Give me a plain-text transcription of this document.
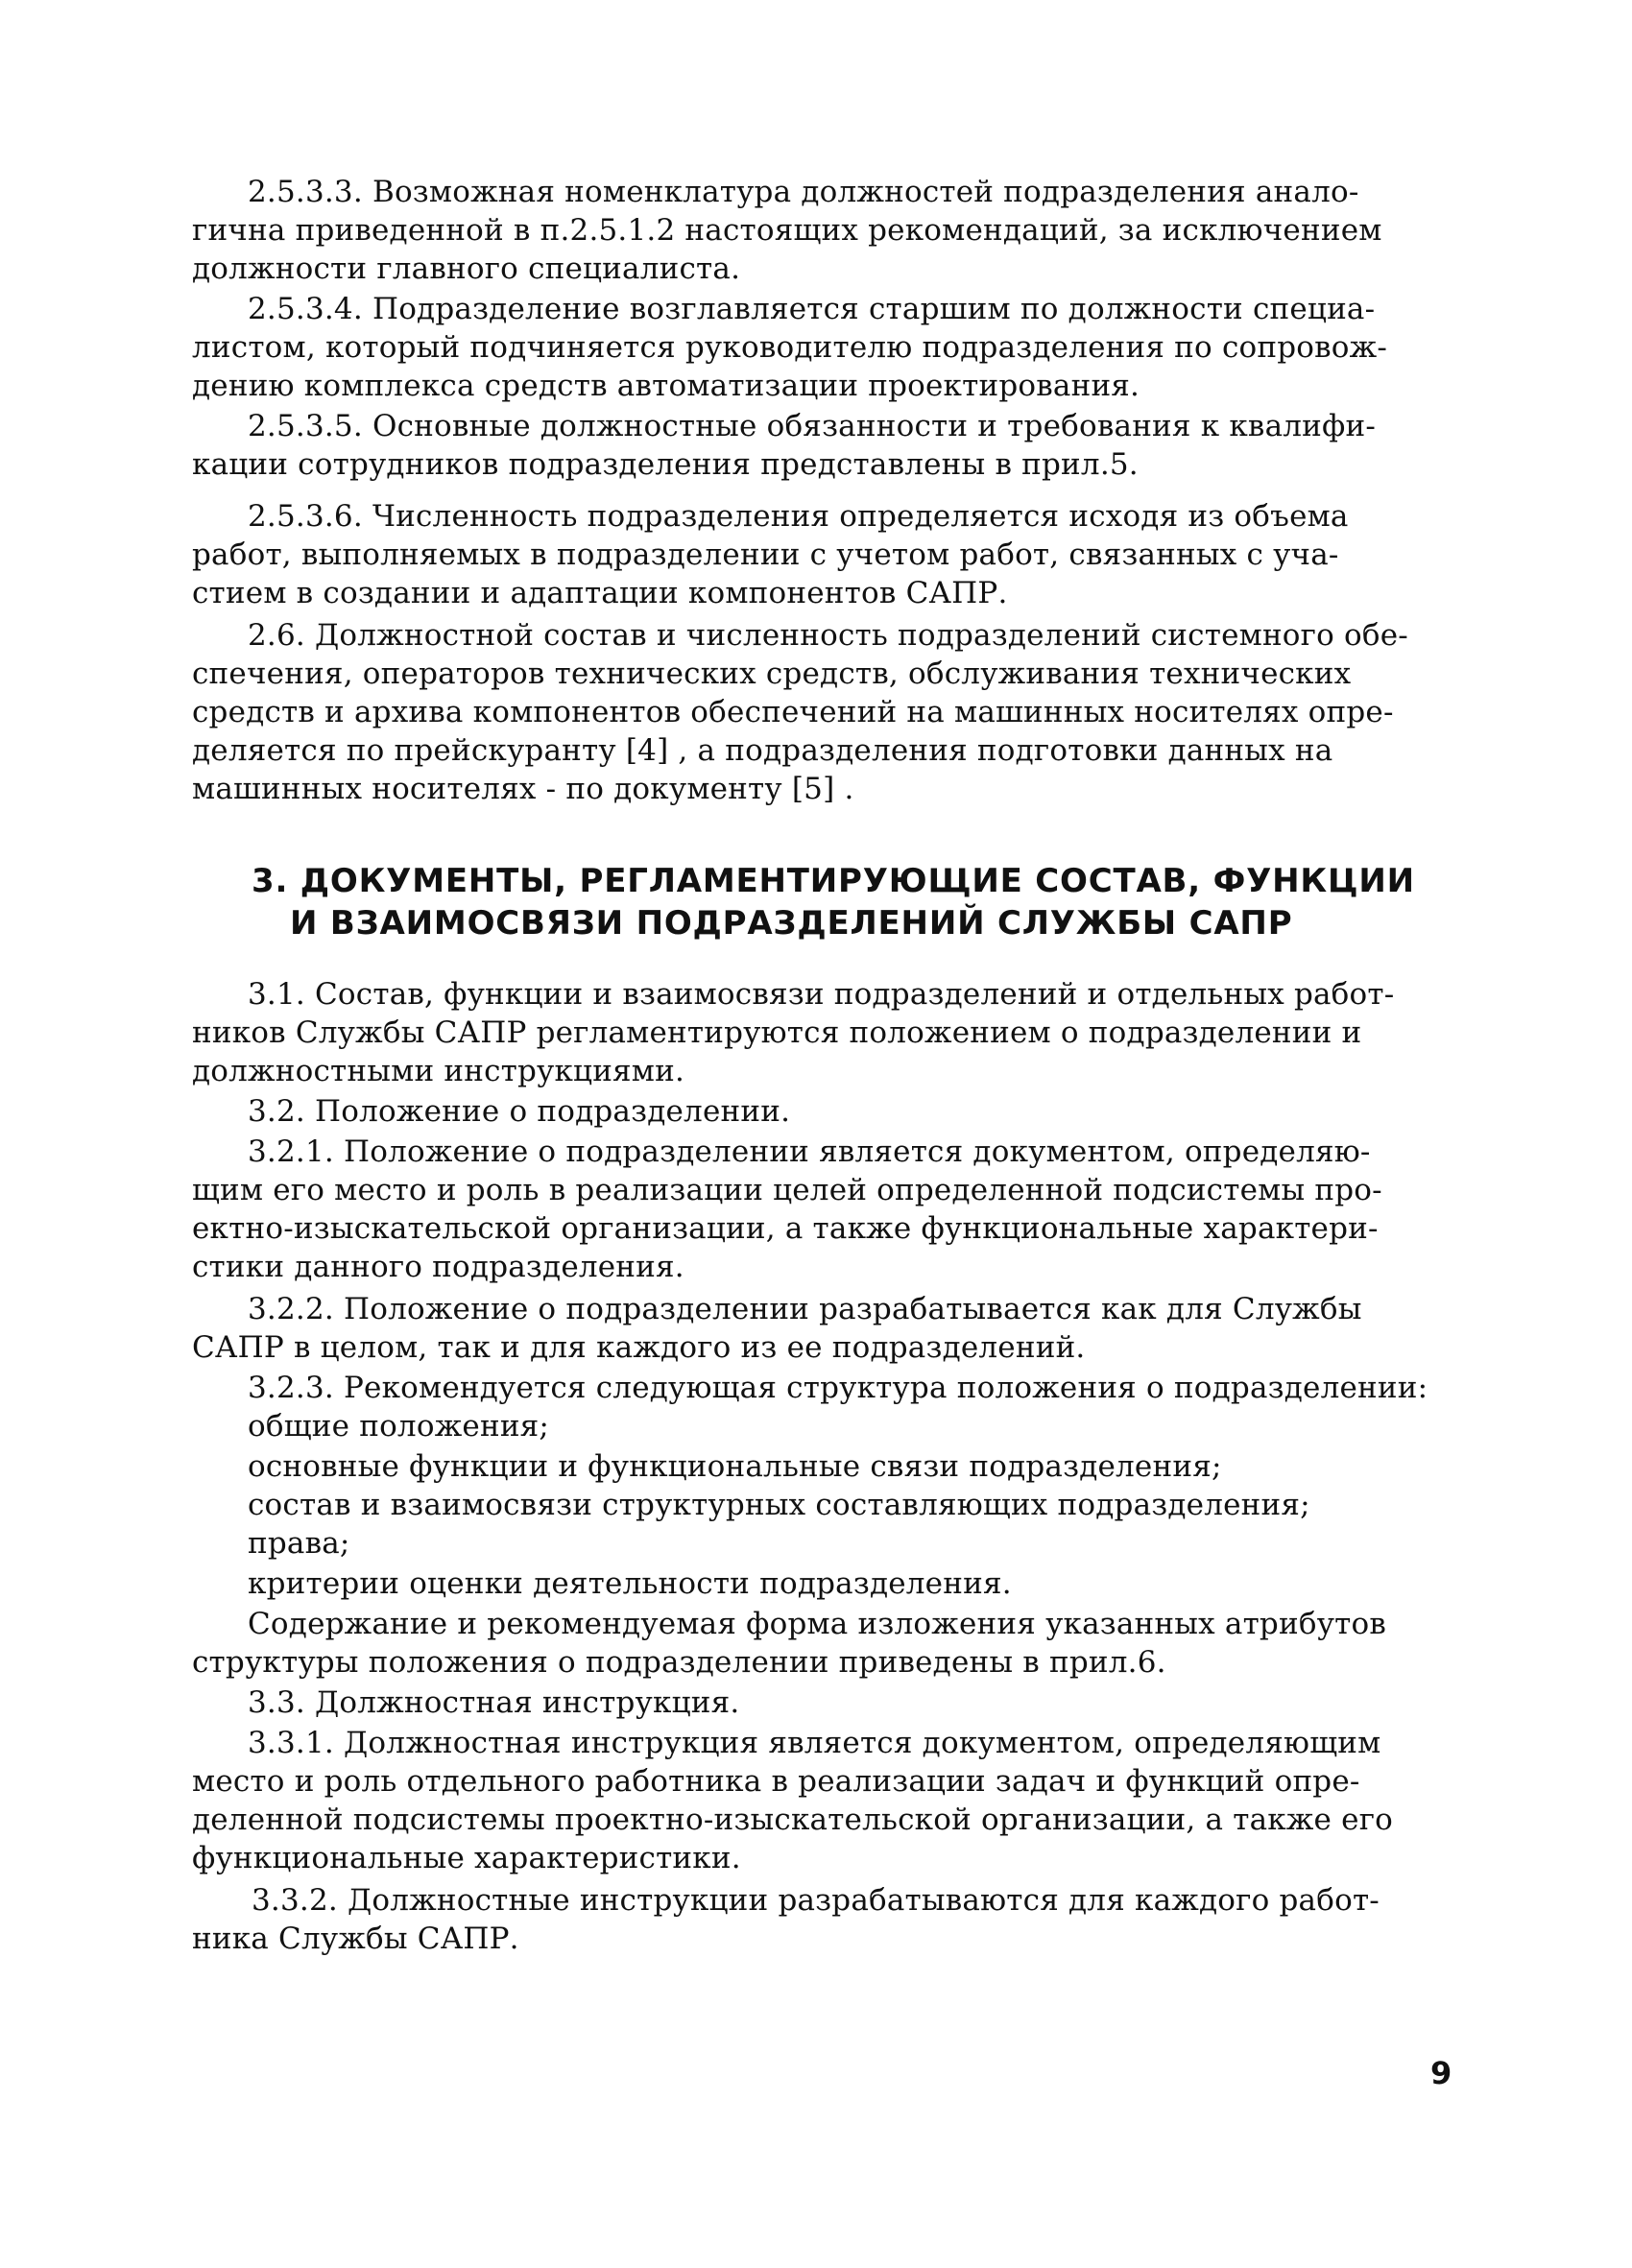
2.5.3.3. Возможная номенклатура должностей подразделения анало-
гична приведенной в п.2.5.1.2 настоящих рекомендаций, за исключением
должности главного специалиста.
2.5.3.4. Подразделение возглавляется старшим по должности специа-
листом, который подчиняется руководителю подразделения по сопровож-
дению комплекса средств автоматизации проектирования.
2.5.3.5. Основные должностные обязанности и требования к квалифи-
кации сотрудников подразделения представлены в прил.5.
2.5.3.6. Численность подразделения определяется исходя из объема
работ, выполняемых в подразделении с учетом работ, связанных с уча-
стием в создании и адаптации компонентов САПР.
2.6. Должностной состав и численность подразделений системного обе-
спечения, операторов технических средств, обслуживания технических
средств и архива компонентов обеспечений на машинных носителях опре-
деляется по прейскуранту [4] , а подразделения подготовки данных на
машинных носителях - по документу [5] .
3. ДОКУМЕНТЫ, РЕГЛАМЕНТИРУЮЩИЕ СОСТАВ, ФУНКЦИИ
И ВЗАИМОСВЯЗИ ПОДРАЗДЕЛЕНИЙ СЛУЖБЫ САПР
3.1. Состав, функции и взаимосвязи подразделений и отдельных работ-
ников Службы САПР регламентируются положением о подразделении и
должностными инструкциями.
3.2. Положение о подразделении.
3.2.1. Положение о подразделении является документом, определяю-
щим его место и роль в реализации целей определенной подсистемы про-
ектно-изыскательской организации, а также функциональные характери-
стики данного подразделения.
3.2.2. Положение о подразделении разрабатывается как для Службы
САПР в целом, так и для каждого из ее подразделений.
3.2.3. Рекомендуется следующая структура положения о подразделении:
общие положения;
основные функции и функциональные связи подразделения;
состав и взаимосвязи структурных составляющих подразделения;
права;
критерии оценки деятельности подразделения.
Содержание и рекомендуемая форма изложения указанных атрибутов
структуры положения о подразделении приведены в прил.6.
3.3. Должностная инструкция.
3.3.1. Должностная инструкция является документом, определяющим
место и роль отдельного работника в реализации задач и функций опре-
деленной подсистемы проектно-изыскательской организации, а также его
функциональные характеристики.
3.3.2. Должностные инструкции разрабатываются для каждого работ-
ника Службы САПР.
9
